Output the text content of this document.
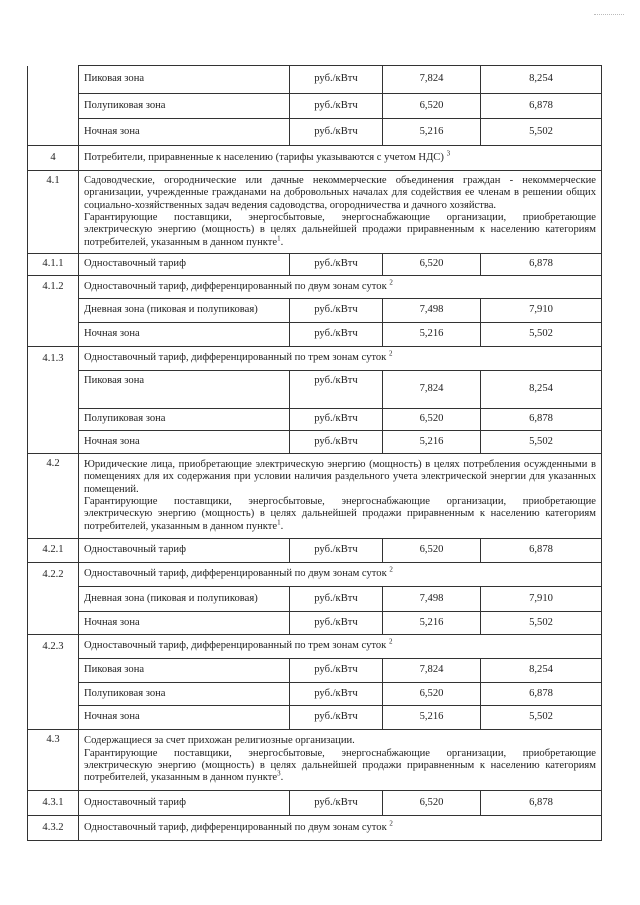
	Пиковая зона	руб./кВтч	7,824	8,254
	Полупиковая зона	руб./кВтч	6,520	6,878
	Ночная зона	руб./кВтч	5,216	5,502
4	Потребители, приравненные к населению (тарифы указываются с учетом НДС) $^3$
4.1	Садоводческие, огороднические или дачные некоммерческие объединения граждан - некоммерческие организации, учрежденные гражданами на добровольных началах для содействия ее членам в решении общих социально-хозяйственных задач ведения садоводства, огородничества и дачного хозяйства.
Гарантирующие поставщики, энергосбытовые, энергоснабжающие организации, приобретающие электрическую энергию (мощность) в целях дальнейшей продажи приравненным к населению категориям потребителей, указанным в данном пункте$^1$.			

4.1.1	Одноставочный тариф	руб./кВтч	6,520	6,878
4.1.2	Одноставочный тариф, дифференцированный по двум зонам суток $^2$
	Дневная зона (пиковая и полупиковая)	руб./кВтч	7,498	7,910
	Ночная зона	руб./кВтч	5,216	5,502
4.1.3	Одноставочный тариф, дифференцированный по трем зонам суток $^2$
	Пиковая зона	руб./кВтч	7,824	8,254
	Полупиковая зона	руб./кВтч	6,520	6,878
	Ночная зона	руб./кВтч	5,216	5,502
4.2	Юридические лица, приобретающие электрическую энергию (мощность) в целях потребления осужденными в помещениях для их содержания при условии наличия раздельного учета электрической энергии для указанных помещений.
Гарантирующие поставщики, энергосбытовые, энергоснабжающие организации, приобретающие электрическую энергию (мощность) в целях дальнейшей продажи приравненным к населению категориям потребителей, указанным в данном пункте$^1$.			

4.2.1	Одноставочный тариф	руб./кВтч	6,520	6,878
4.2.2	Одноставочный тариф, дифференцированный по двум зонам суток $^2$
	Дневная зона (пиковая и полупиковая)	руб./кВтч	7,498	7,910
	Ночная зона	руб./кВтч	5,216	5,502
4.2.3	Одноставочный тариф, дифференцированный по трем зонам суток $^2$
	Пиковая зона	руб./кВтч	7,824	8,254
	Полупиковая зона	руб./кВтч	6,520	6,878
	Ночная зона	руб./кВтч	5,216	5,502
4.3	Содержащиеся за счет прихожан религиозные организации.
Гарантирующие поставщики, энергосбытовые, энергоснабжающие организации, приобретающие электрическую энергию (мощность) в целях дальнейшей продажи приравненным к населению категориям потребителей, указанным в данном пункте$^3$.			

4.3.1	Одноставочный тариф	руб./кВтч	6,520	6,878
4.3.2	Одноставочный тариф, дифференцированный по двум зонам суток $^2$
